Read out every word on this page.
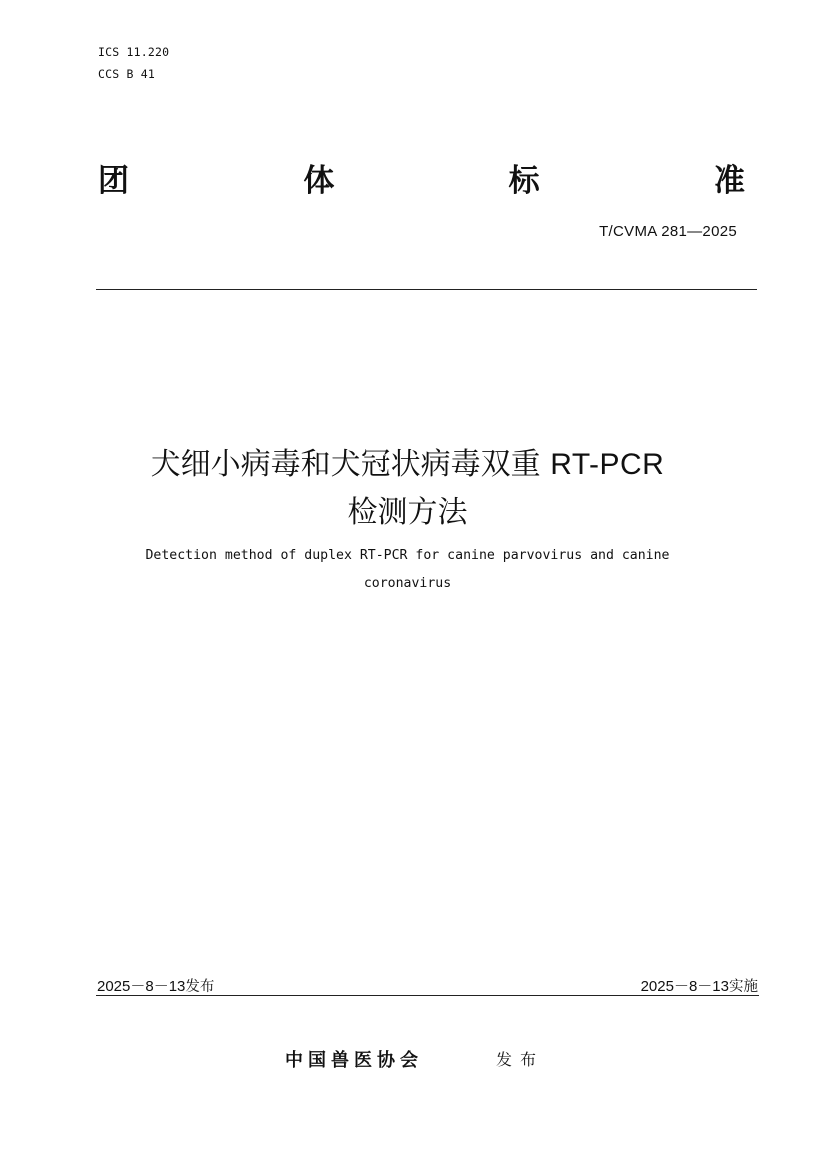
ICS 11.220
CCS B 41
团	体	标	准
T/CVMA 281—2025
犬细小病毒和犬冠状病毒双重 RT-PCR
检测方法
Detection method of duplex RT-PCR for canine parvovirus and canine
coronavirus
2025－8－13发布	2025－8－13实施
中国兽医协会	发布
